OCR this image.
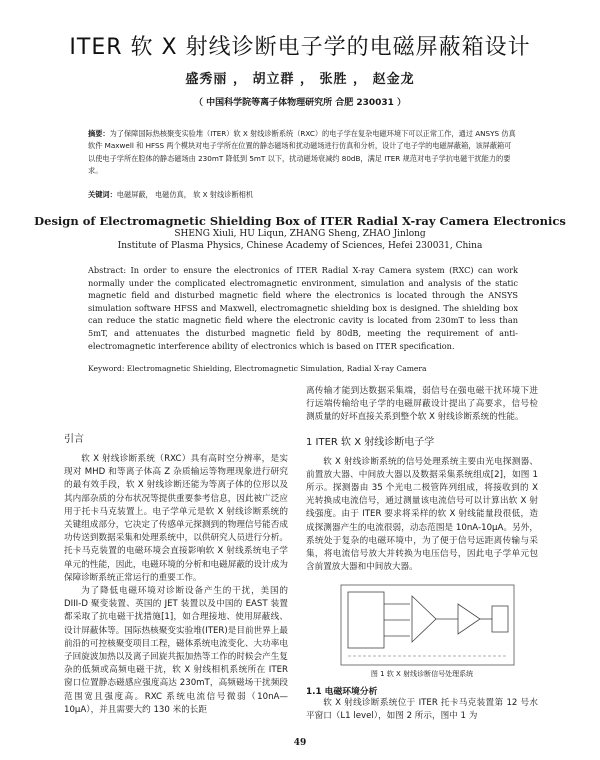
ITER 软 X 射线诊断电子学的电磁屏蔽箱设计
盛秀丽 ， 胡立群 ， 张胜 ， 赵金龙
（ 中国科学院等离子体物理研究所 合肥 230031 ）
摘要：为了保障国际热核聚变实验堆（ITER）软 X 射线诊断系统（RXC）的电子学在复杂电磁环境下可以正常工作，通过 ANSYS 仿真软件 Maxwell 和 HFSS 两个模块对电子学所在位置的静态磁场和扰动磁场进行仿真和分析，设计了电子学的电磁屏蔽箱，该屏蔽箱可以使电子学所在腔体的静态磁场由 230mT 降低到 5mT 以下，扰动磁场衰减约 80dB，满足 ITER 规范对电子学抗电磁干扰能力的要求。
关键词：电磁屏蔽， 电磁仿真， 软 X 射线诊断相机
Design of Electromagnetic Shielding Box of ITER Radial X-ray Camera Electronics
SHENG Xiuli, HU Liqun, ZHANG Sheng, ZHAO Jinlong
Institute of Plasma Physics, Chinese Academy of Sciences, Hefei 230031, China
Abstract: In order to ensure the electronics of ITER Radial X-ray Camera system (RXC) can work normally under the complicated electromagnetic environment, simulation and analysis of the static magnetic field and disturbed magnetic field where the electronics is located through the ANSYS simulation software HFSS and Maxwell, electromagnetic shielding box is designed. The shielding box can reduce the static magnetic field where the electronic cavity is located from 230mT to less than 5mT, and attenuates the disturbed magnetic field by 80dB, meeting the requirement of anti-electromagnetic interference ability of electronics which is based on ITER specification.
Keyword: Electromagnetic Shielding, Electromagnetic Simulation, Radial X-ray Camera
引言

软 X 射线诊断系统（RXC）具有高时空分辨率，是实现对 MHD 和等离子体高 Z 杂质输运等物理现象进行研究的最有效手段，软 X 射线诊断还能为等离子体的位形以及其内部杂质的分布状况等提供重要参考信息，因此被广泛应用于托卡马克装置上。电子学单元是软 X 射线诊断系统的关键组成部分，它决定了传感单元探测到的物理信号能否成功传送到数据采集和处理系统中，以供研究人员进行分析。托卡马克装置的电磁环境会直接影响软 X 射线系统电子学单元的性能，因此，电磁环境的分析和电磁屏蔽的设计成为保障诊断系统正常运行的重要工作。

为了降低电磁环境对诊断设备产生的干扰，美国的 DIII-D 聚变装置、英国的 JET 装置以及中国的 EAST 装置都采取了抗电磁干扰措施[1]，如合理接地、使用屏蔽线、设计屏蔽体等。国际热核聚变实验堆(ITER)是目前世界上最前沿的可控核聚变项目工程，磁体系统电流变化、大功率电子回旋波加热以及离子回旋共振加热等工作的时候会产生复杂的低频或高频电磁干扰，软 X 射线相机系统所在 ITER 窗口位置静态磁感应强度高达 230mT，高频磁场干扰频段范围宽且强度高。RXC 系统电流信号微弱（10nA—10μA），并且需要大约 130 米的长距

离传输才能到达数据采集端，弱信号在强电磁干扰环境下进行远端传输给电子学的电磁屏蔽设计提出了高要求，信号检测质量的好坏直接关系到整个软 X 射线诊断系统的性能。

1 ITER 软 X 射线诊断电子学

软 X 射线诊断系统的信号处理系统主要由光电探测器、前置放大器、中间放大器以及数据采集系统组成[2]，如图 1 所示。探测器由 35 个光电二极管阵列组成，将接收到的 X 光转换成电流信号，通过测量该电流信号可以计算出软 X 射线强度。由于 ITER 要求将采样的软 X 射线能量段很低，造成探测器产生的电流很弱，动态范围是 10nA-10μA。另外，系统处于复杂的电磁环境中，为了便于信号远距离传输与采集，将电流信号放大并转换为电压信号，因此电子学单元包含前置放大器和中间放大器。

图 1 软 X 射线诊断信号处理系统
1.1 电磁环境分析

软 X 射线诊断系统位于 ITER 托卡马克装置第 12 号水平窗口（L1 level），如图 2 所示，图中 1 为

49
